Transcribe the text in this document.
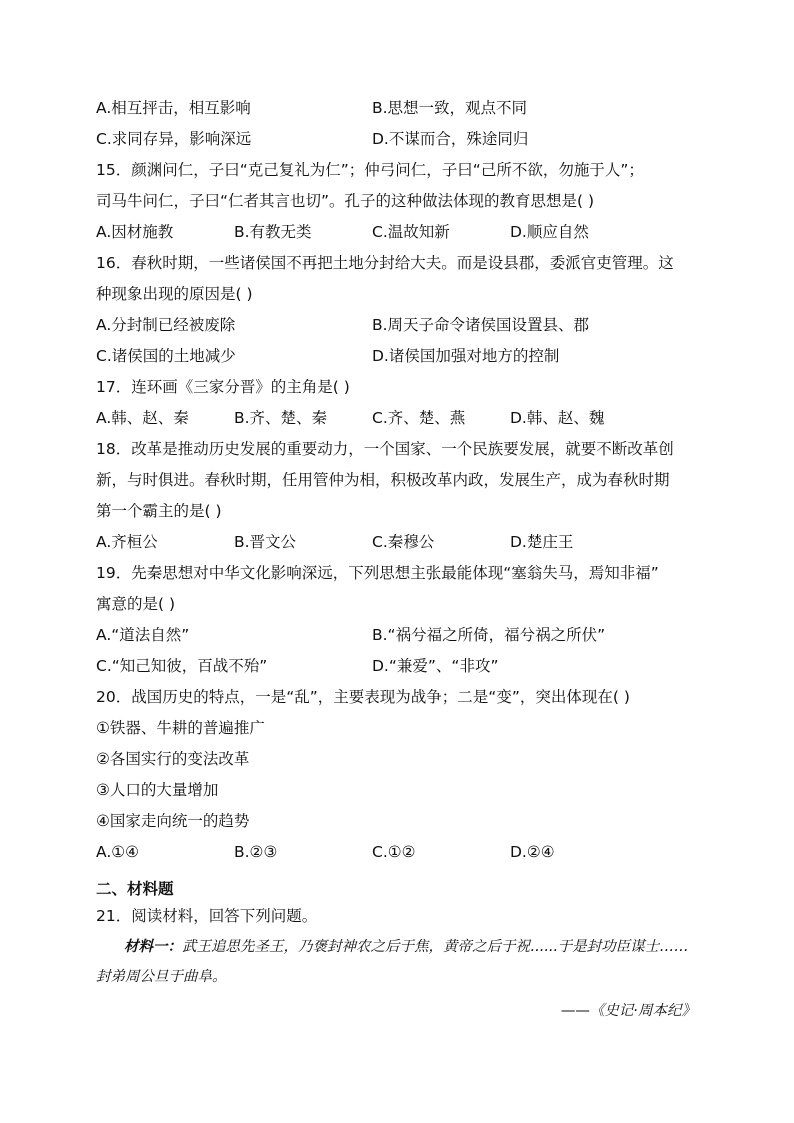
A.相互抨击，相互影响	B.思想一致，观点不同
C.求同存异，影响深远	D.不谋而合，殊途同归
15．颜渊问仁，子曰“克己复礼为仁”；仲弓问仁，子曰“己所不欲，勿施于人”；
司马牛问仁，子曰“仁者其言也切”。孔子的这种做法体现的教育思想是( )
A.因材施教	B.有教无类	C.温故知新	D.顺应自然
16．春秋时期，一些诸侯国不再把土地分封给大夫。而是设县郡，委派官吏管理。这
种现象出现的原因是( )
A.分封制已经被废除	B.周天子命令诸侯国设置县、郡
C.诸侯国的土地减少	D.诸侯国加强对地方的控制
17．连环画《三家分晋》的主角是( )
A.韩、赵、秦	B.齐、楚、秦	C.齐、楚、燕	D.韩、赵、魏
18．改革是推动历史发展的重要动力，一个国家、一个民族要发展，就要不断改革创
新，与时俱进。春秋时期，任用管仲为相，积极改革内政，发展生产，成为春秋时期
第一个霸主的是( )
A.齐桓公	B.晋文公	C.秦穆公	D.楚庄王
19．先秦思想对中华文化影响深远，下列思想主张最能体现“塞翁失马，焉知非福”
寓意的是( )
A.“道法自然”	B.“祸兮福之所倚，福兮祸之所伏”
C.“知己知彼，百战不殆”	D.“兼爱”、“非攻”
20．战国历史的特点，一是“乱”，主要表现为战争；二是“变”，突出体现在( )
①铁器、牛耕的普遍推广
②各国实行的变法改革
③人口的大量增加
④国家走向统一的趋势
A.①④	B.②③	C.①②	D.②④
二、材料题
21．阅读材料，回答下列问题。
材料一：武王追思先圣王，乃褒封神农之后于焦，黄帝之后于祝......于是封功臣谋士……封弟周公旦于曲阜。
——《史记·周本纪》
